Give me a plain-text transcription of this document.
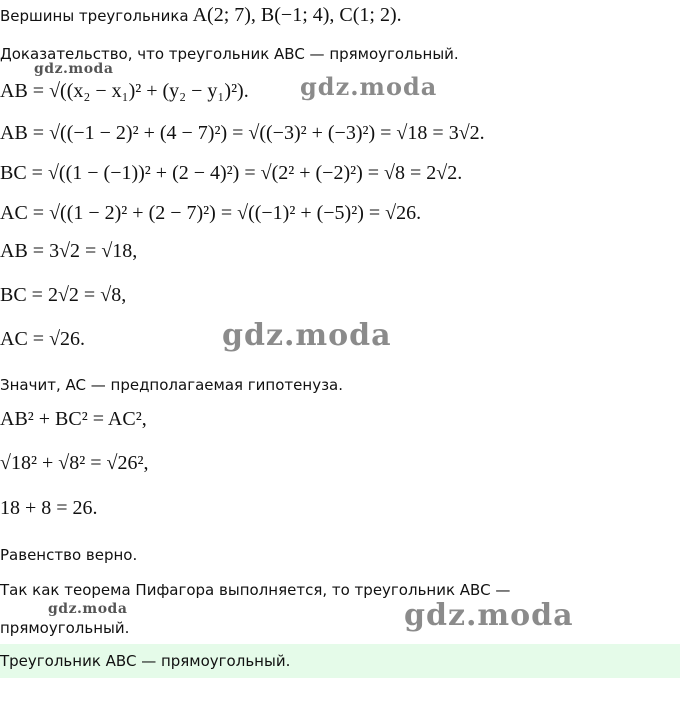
Вершины треугольника A(2; 7), B(−1; 4), C(1; 2).
Доказательство, что треугольник ABC — прямоугольный.
AB = √((x₂ − x₁)² + (y₂ − y₁)²).
AB = √((−1 − 2)² + (4 − 7)²) = √((−3)² + (−3)²) = √18 = 3√2.
BC = √((1 − (−1))² + (2 − 4)²) = √(2² + (−2)²) = √8 = 2√2.
AC = √((1 − 2)² + (2 − 7)²) = √((−1)² + (−5)²) = √26.
AB = 3√2 = √18,
BC = 2√2 = √8,
AC = √26.
Значит, AC — предполагаемая гипотенуза.
AB² + BC² = AC²,
√18² + √8² = √26²,
18 + 8 = 26.
Равенство верно.
Так как теорема Пифагора выполняется, то треугольник ABC —
прямоугольный.
Треугольник ABC — прямоугольный.
gdz.moda
gdz.moda
gdz.moda
gdz.moda	gdz.moda
